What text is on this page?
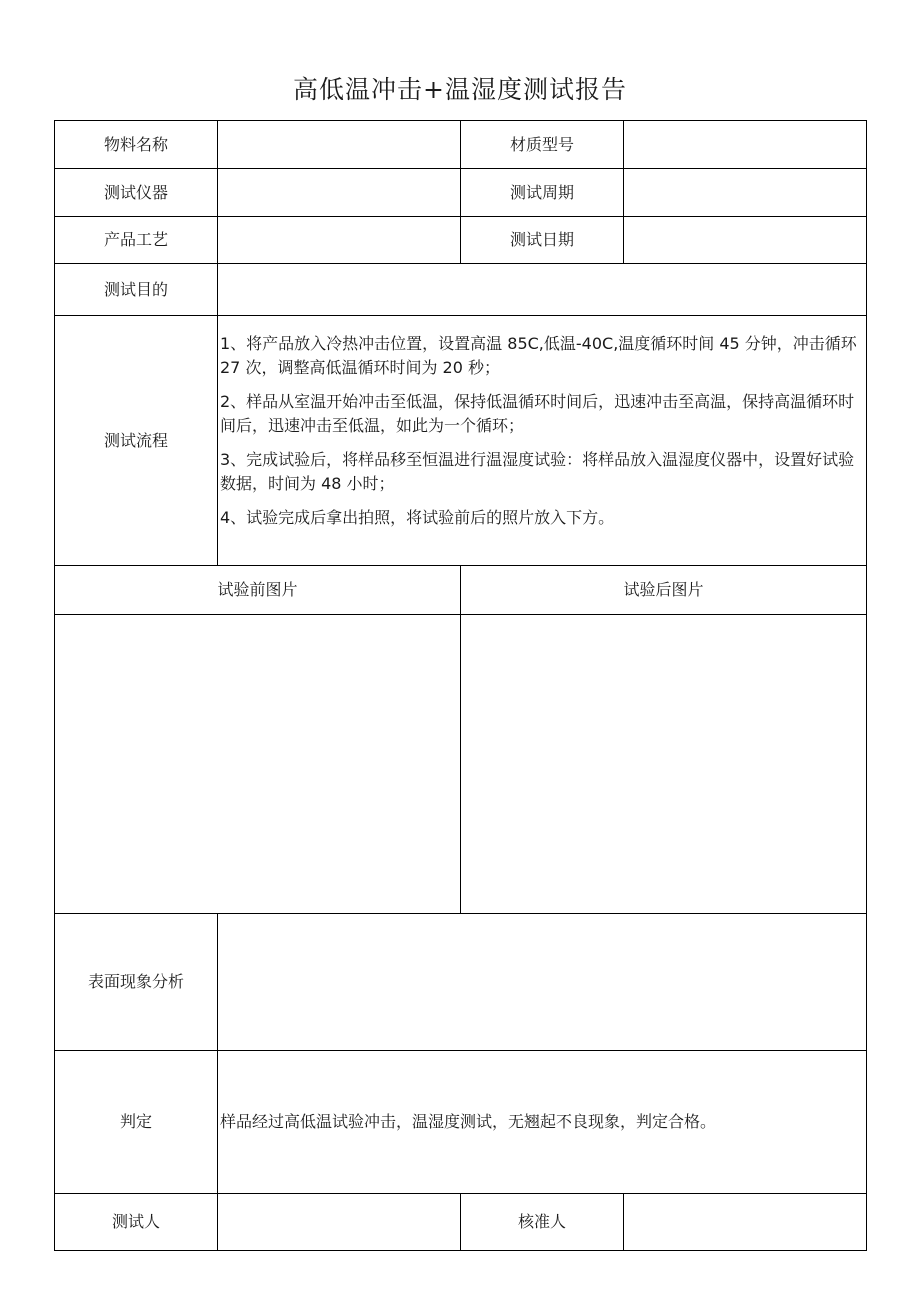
高低温冲击+温湿度测试报告
物料名称		材质型号	
测试仪器		测试周期	
产品工艺		测试日期	
测试目的			
测试流程	1、将产品放入冷热冲击位置，设置高温 85C,低温-40C,温度循环时间 45 分钟，冲击循环 27 次，调整高低温循环时间为 20 秒；
2、样品从室温开始冲击至低温，保持低温循环时间后，迅速冲击至高温，保持高温循环时间后，迅速冲击至低温，如此为一个循环；
3、完成试验后，将样品移至恒温进行温湿度试验：将样品放入温湿度仪器中，设置好试验数据，时间为 48 小时；
4、试验完成后拿出拍照，将试验前后的照片放入下方。		

试验前图片		试验后图片	

表面现象分析			
判定	样品经过高低温试验冲击，温湿度测试，无翘起不良现象，判定合格。		
测试人		核准人	
